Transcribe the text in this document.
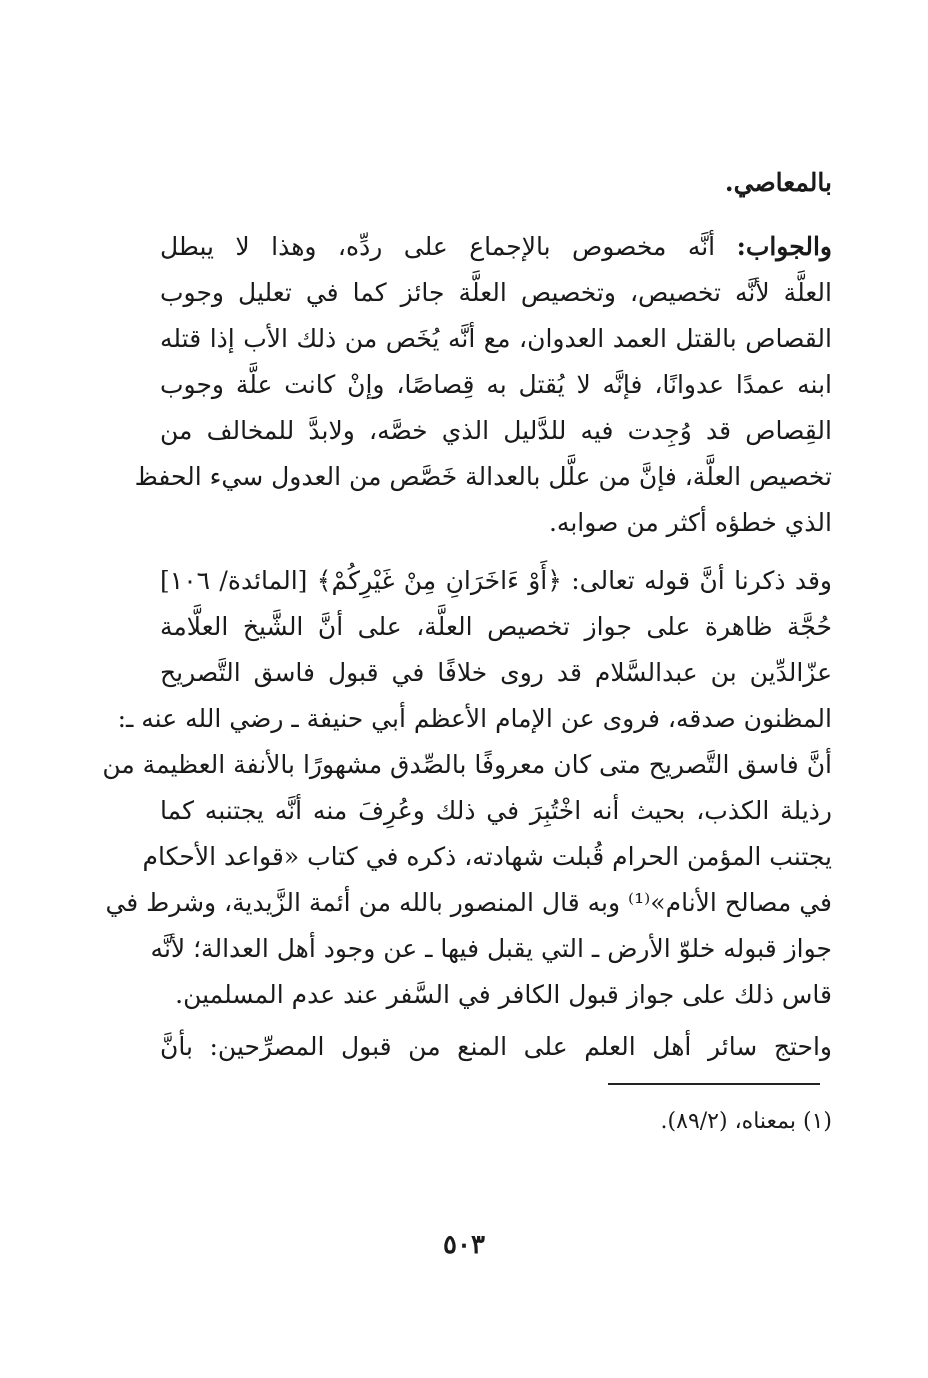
بالمعاصي.
والجواب: أنَّه مخصوص بالإجماع على ردِّه، وهذا لا يبطل
العلَّة لأنَّه تخصيص، وتخصيص العلَّة جائز كما في تعليل وجوب
القصاص بالقتل العمد العدوان، مع أنَّه يُخَص من ذلك الأب إذا قتله
ابنه عمدًا عدوانًا، فإنَّه لا يُقتل به قِصاصًا، وإنْ كانت علَّة وجوب
القِصاص قد وُجِدت فيه للدَّليل الذي خصَّه، ولابدَّ للمخالف من
تخصيص العلَّة، فإنَّ من علَّل بالعدالة خَصَّص من العدول سيء الحفظ
الذي خطؤه أكثر من صوابه.
وقد ذكرنا أنَّ قوله تعالى: ﴿أَوْ ءَاخَرَانِ مِنْ غَيْرِكُمْ﴾ [المائدة/ ١٠٦]
حُجَّة ظاهرة على جواز تخصيص العلَّة، على أنَّ الشَّيخ العلَّامة
عزّالدِّين بن عبدالسَّلام قد روى خلافًا في قبول فاسق التَّصريح
المظنون صدقه، فروى عن الإمام الأعظم أبي حنيفة ـ رضي الله عنه ـ:
أنَّ فاسق التَّصريح متى كان معروفًا بالصِّدق مشهورًا بالأنفة العظيمة من
رذيلة الكذب، بحيث أنه اخْتُبِرَ في ذلك وعُرِفَ منه أنَّه يجتنبه كما
يجتنب المؤمن الحرام قُبلت شهادته، ذكره في كتاب «قواعد الأحكام
في مصالح الأنام»⁽¹⁾ وبه قال المنصور بالله من أئمة الزَّيدية، وشرط في
جواز قبوله خلوّ الأرض ـ التي يقبل فيها ـ عن وجود أهل العدالة؛ لأنَّه
قاس ذلك على جواز قبول الكافر في السَّفر عند عدم المسلمين.
واحتج سائر أهل العلم على المنع من قبول المصرِّحين: بأنَّ
(١) بمعناه، (٨٩/٢).
٥٠٣
